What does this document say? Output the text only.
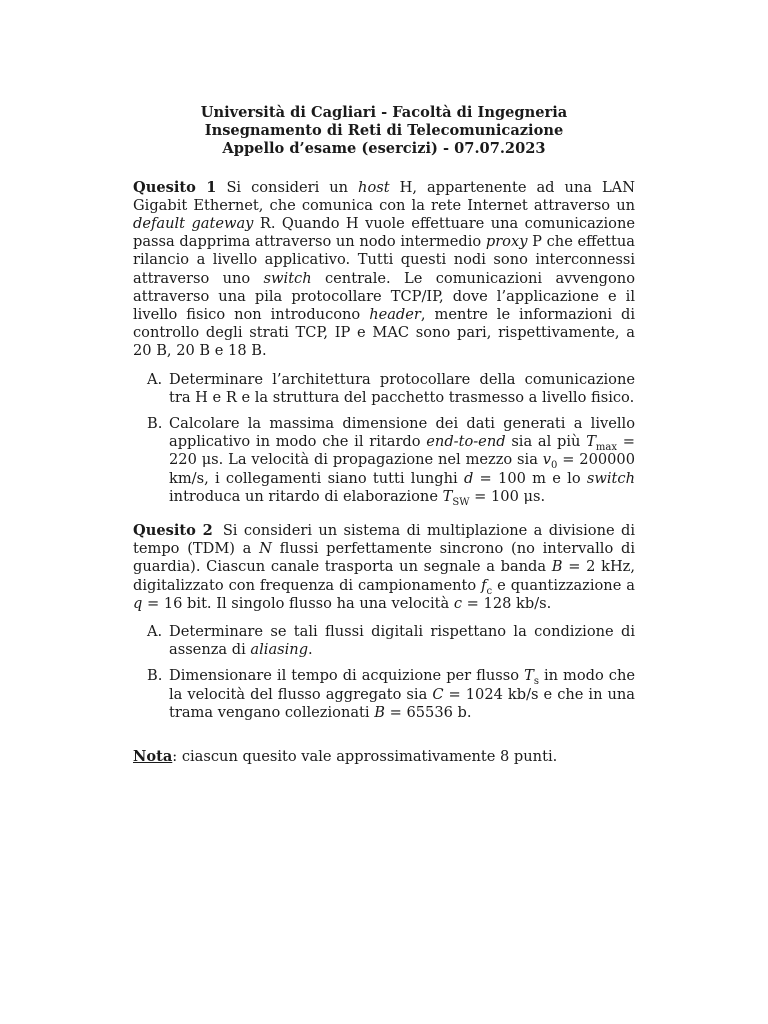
Università di Cagliari - Facoltà di Ingegneria
Insegnamento di Reti di Telecomunicazione
Appello d’esame (esercizi) - 07.07.2023
Quesito 1 Si consideri un host H, appartenente ad una LAN Gigabit Ethernet, che comunica con la rete Internet attraverso un default gateway R. Quando H vuole effettuare una comunicazione passa dapprima attraverso un nodo intermedio proxy P che effettua rilancio a livello applicativo. Tutti questi nodi sono interconnessi attraverso uno switch centrale. Le comunicazioni avvengono attraverso una pila protocollare TCP/IP, dove l’applicazione e il livello fisico non introducono header, mentre le informazioni di controllo degli strati TCP, IP e MAC sono pari, rispettivamente, a 20 B, 20 B e 18 B.
A. Determinare l’architettura protocollare della comunicazione tra H e R e la struttura del pacchetto trasmesso a livello fisico.
B. Calcolare la massima dimensione dei dati generati a livello applicativo in modo che il ritardo end-to-end sia al più $T_{max} = 220$ μs. La velocità di propagazione nel mezzo sia $v_0 = 200000$ km/s, i collegamenti siano tutti lunghi d = 100 m e lo switch introduca un ritardo di elaborazione $T_{SW} = 100$ μs.
Quesito 2 Si consideri un sistema di multiplazione a divisione di tempo (TDM) a N flussi perfettamente sincrono (no intervallo di guardia). Ciascun canale trasporta un segnale a banda B = 2 kHz, digitalizzato con frequenza di campionamento $f_c$ e quantizzazione a q = 16 bit. Il singolo flusso ha una velocità c = 128 kb/s.
A. Determinare se tali flussi digitali rispettano la condizione di assenza di aliasing.
B. Dimensionare il tempo di acquizione per flusso $T_s$ in modo che la velocità del flusso aggregato sia C = 1024 kb/s e che in una trama vengano collezionati B = 65536 b.
Nota: ciascun quesito vale approssimativamente 8 punti.
